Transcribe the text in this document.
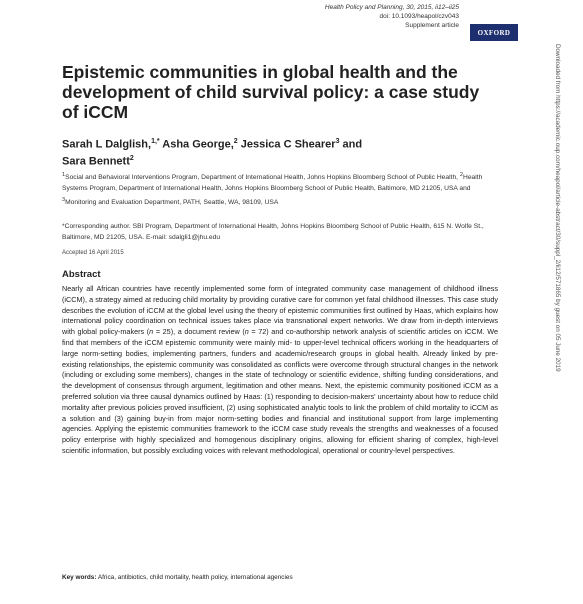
Health Policy and Planning, 30, 2015, ii12–ii25
doi: 10.1093/heapol/czv043
Supplement article
OXFORD
Epistemic communities in global health and the development of child survival policy: a case study of iCCM
Sarah L Dalglish,$^{1,*}$ Asha George,$^2$ Jessica C Shearer$^3$ and
Sara Bennett$^2$

$^1$Social and Behavioral Interventions Program, Department of International Health, Johns Hopkins Bloomberg School of Public Health, $^2$Health Systems Program, Department of International Health, Johns Hopkins Bloomberg School of Public Health, Baltimore, MD 21205, USA and $^3$Monitoring and Evaluation Department, PATH, Seattle, WA, 98109, USA

*Corresponding author. SBI Program, Department of International Health, Johns Hopkins Bloomberg School of Public Health, 615 N. Wolfe St., Baltimore, MD 21205, USA. E-mail: sdalgli1@jhu.edu

Accepted 16 April 2015
Abstract

Nearly all African countries have recently implemented some form of integrated community case management of childhood illness (iCCM), a strategy aimed at reducing child mortality by providing curative care for common yet fatal childhood illnesses. This case study describes the evolution of iCCM at the global level using the theory of epistemic communities first outlined by Haas, which explains how international policy coordination on technical issues takes place via transnational expert networks. We draw from in-depth interviews with global policy-makers (n = 25), a document review (n = 72) and co-authorship network analysis of scientific articles on iCCM. We find that members of the iCCM epistemic community were mainly mid- to upper-level technical officers working in the headquarters of large norm-setting bodies, implementing partners, funders and academic/research groups in global health. Already linked by pre-existing relationships, the epistemic community was consolidated as conflicts were overcome through structural changes in the network (including or excluding some members), changes in the state of technology or scientific evidence, shifting funding considerations, and the development of consensus through argument, legitimation and other means. Next, the epistemic community positioned iCCM as a preferred solution via three causal dynamics outlined by Haas: (1) responding to decision-makers' uncertainty about how to reduce child mortality after previous policies proved insufficient, (2) using sophisticated analytic tools to link the problem of child mortality to iCCM as a solution and (3) gaining buy-in from major norm-setting bodies and financial and institutional support from large implementing agencies. Applying the epistemic communities framework to the iCCM case study reveals the strengths and weaknesses of a focused policy enterprise with highly specialized and homogenous disciplinary origins, allowing for efficient sharing of complex, high-level scientific information, but possibly excluding voices with relevant methodological, operational or country-level perspectives.

Key words: Africa, antibiotics, child mortality, health policy, international agencies
Downloaded from https://academic.oup.com/heapol/article-abstract/30/suppl_2/ii12/571865 by guest on 05 June 2019
